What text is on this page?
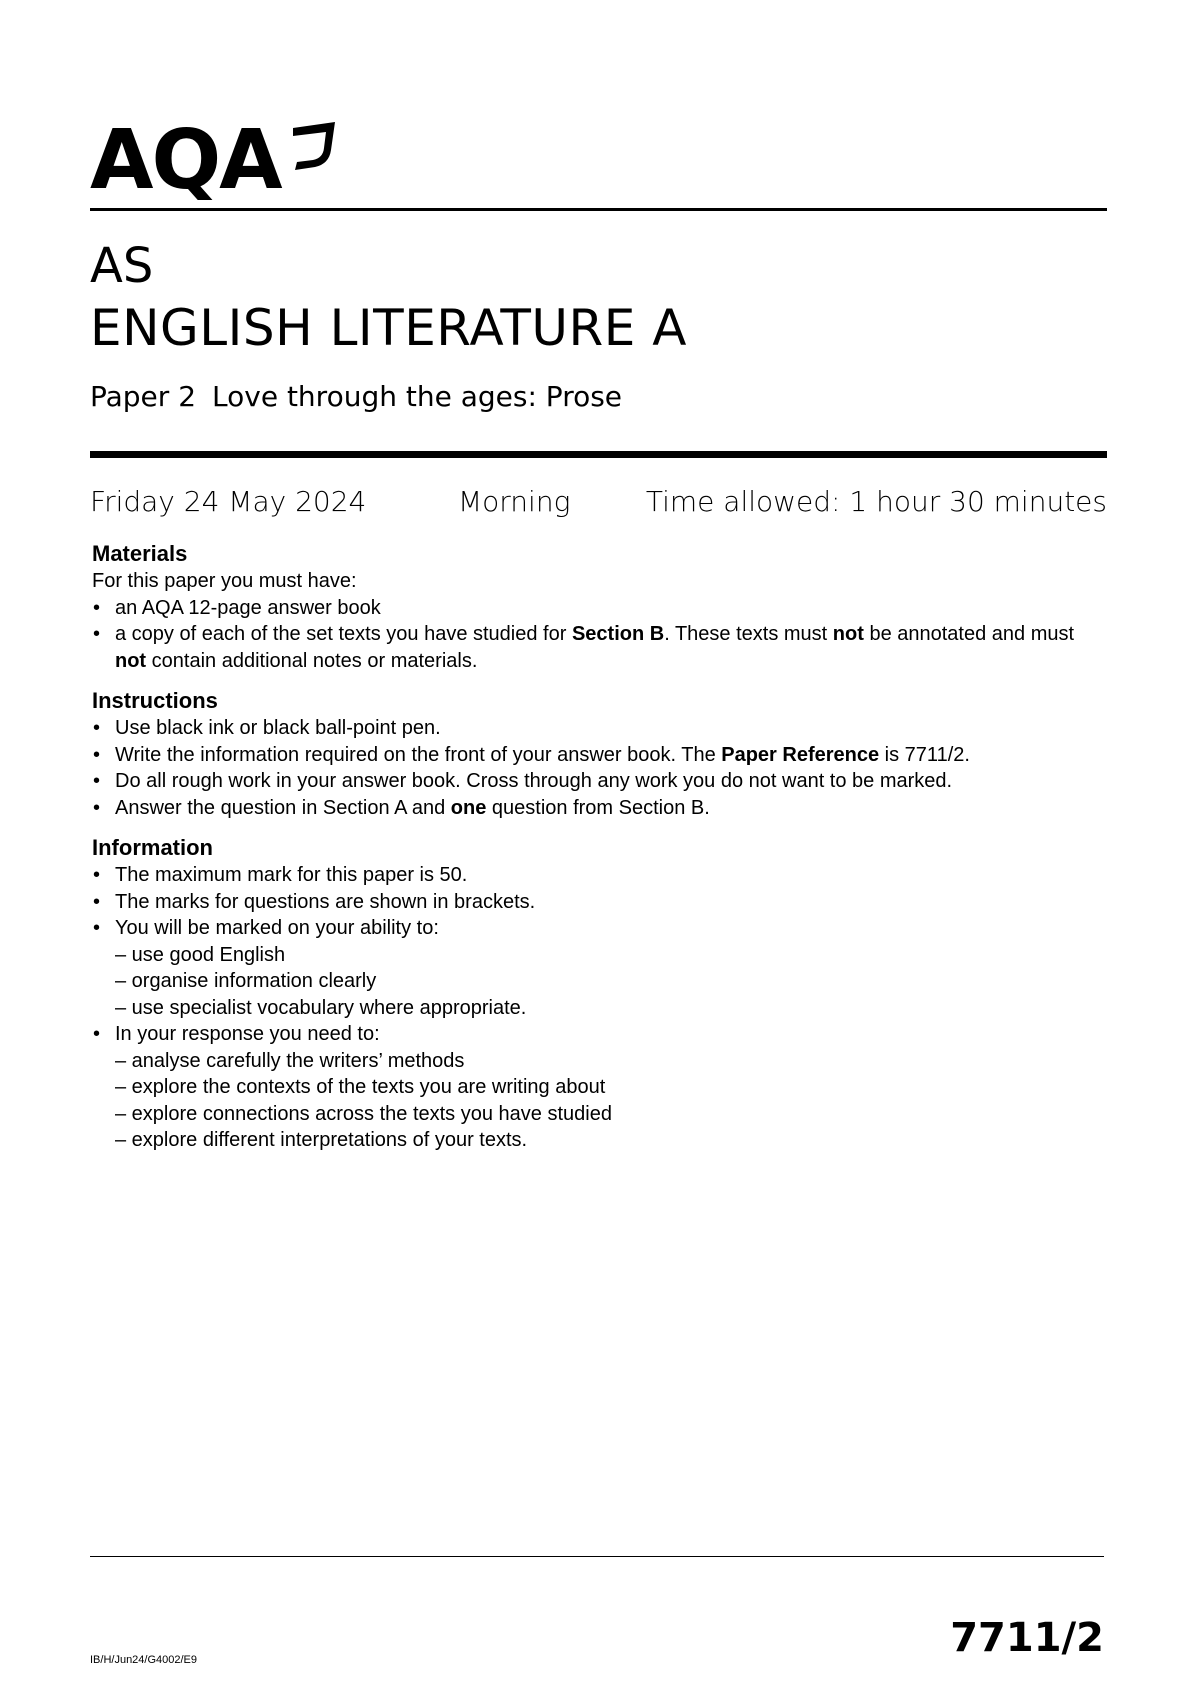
AQA
AS
ENGLISH LITERATURE A
Paper 2 Love through the ages: Prose
Friday 24 May 2024	Morning	Time allowed: 1 hour 30 minutes

Materials

For this paper you must have:

• an AQA 12-page answer book
• a copy of each of the set texts you have studied for Section B. These texts must not be annotated and must not contain additional notes or materials.

Instructions

• Use black ink or black ball-point pen.
• Write the information required on the front of your answer book. The Paper Reference is 7711/2.
• Do all rough work in your answer book. Cross through any work you do not want to be marked.
• Answer the question in Section A and one question from Section B.

Information

• The maximum mark for this paper is 50.
• The marks for questions are shown in brackets.
• You will be marked on your ability to:
– use good English
– organise information clearly
– use specialist vocabulary where appropriate.
• In your response you need to:
– analyse carefully the writers’ methods
– explore the contexts of the texts you are writing about
– explore connections across the texts you have studied
– explore different interpretations of your texts.
IB/H/Jun24/G4002/E9	7711/2
